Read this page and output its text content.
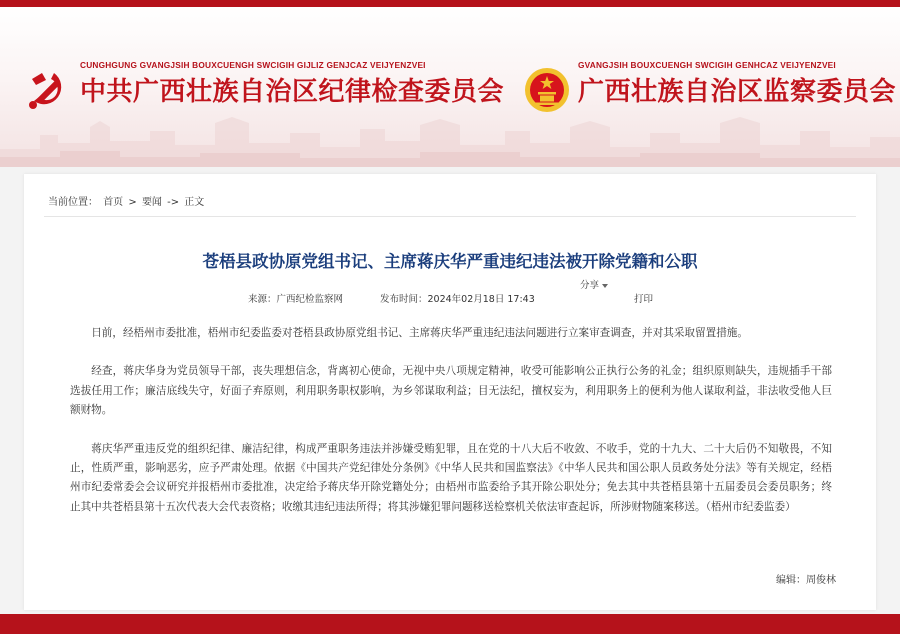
CUNGHGUNG GVANGJSIH BOUXCUENGH SWCIGIH GIJLIZ GENJCAZ VEIJYENZVEI
中共广西壮族自治区纪律检查委员会
GVANGJSIH BOUXCUENGH SWCIGIH GENHCAZ VEIJYENZVEI
广西壮族自治区监察委员会
当前位置： 首页 > 要闻 -> 正文
苍梧县政协原党组书记、主席蒋庆华严重违纪违法被开除党籍和公职
来源：广西纪检监察网	发布时间：2024年02月18日 17:43
分享
打印

日前，经梧州市委批准，梧州市纪委监委对苍梧县政协原党组书记、主席蒋庆华严重违纪违法问题进行立案审查调查，并对其采取留置措施。

经查，蒋庆华身为党员领导干部，丧失理想信念，背离初心使命，无视中央八项规定精神，收受可能影响公正执行公务的礼金；组织原则缺失，违规插手干部选拔任用工作；廉洁底线失守，好面子弃原则，利用职务职权影响，为乡邻谋取利益；目无法纪，擅权妄为，利用职务上的便利为他人谋取利益，非法收受他人巨额财物。

蒋庆华严重违反党的组织纪律、廉洁纪律，构成严重职务违法并涉嫌受贿犯罪，且在党的十八大后不收敛、不收手，党的十九大、二十大后仍不知敬畏，不知止，性质严重，影响恶劣，应予严肃处理。依据《中国共产党纪律处分条例》《中华人民共和国监察法》《中华人民共和国公职人员政务处分法》等有关规定，经梧州市纪委常委会会议研究并报梧州市委批准，决定给予蒋庆华开除党籍处分；由梧州市监委给予其开除公职处分；免去其中共苍梧县第十五届委员会委员职务；终止其中共苍梧县第十五次代表大会代表资格；收缴其违纪违法所得；将其涉嫌犯罪问题移送检察机关依法审查起诉，所涉财物随案移送。（梧州市纪委监委）

编辑：周俊林
